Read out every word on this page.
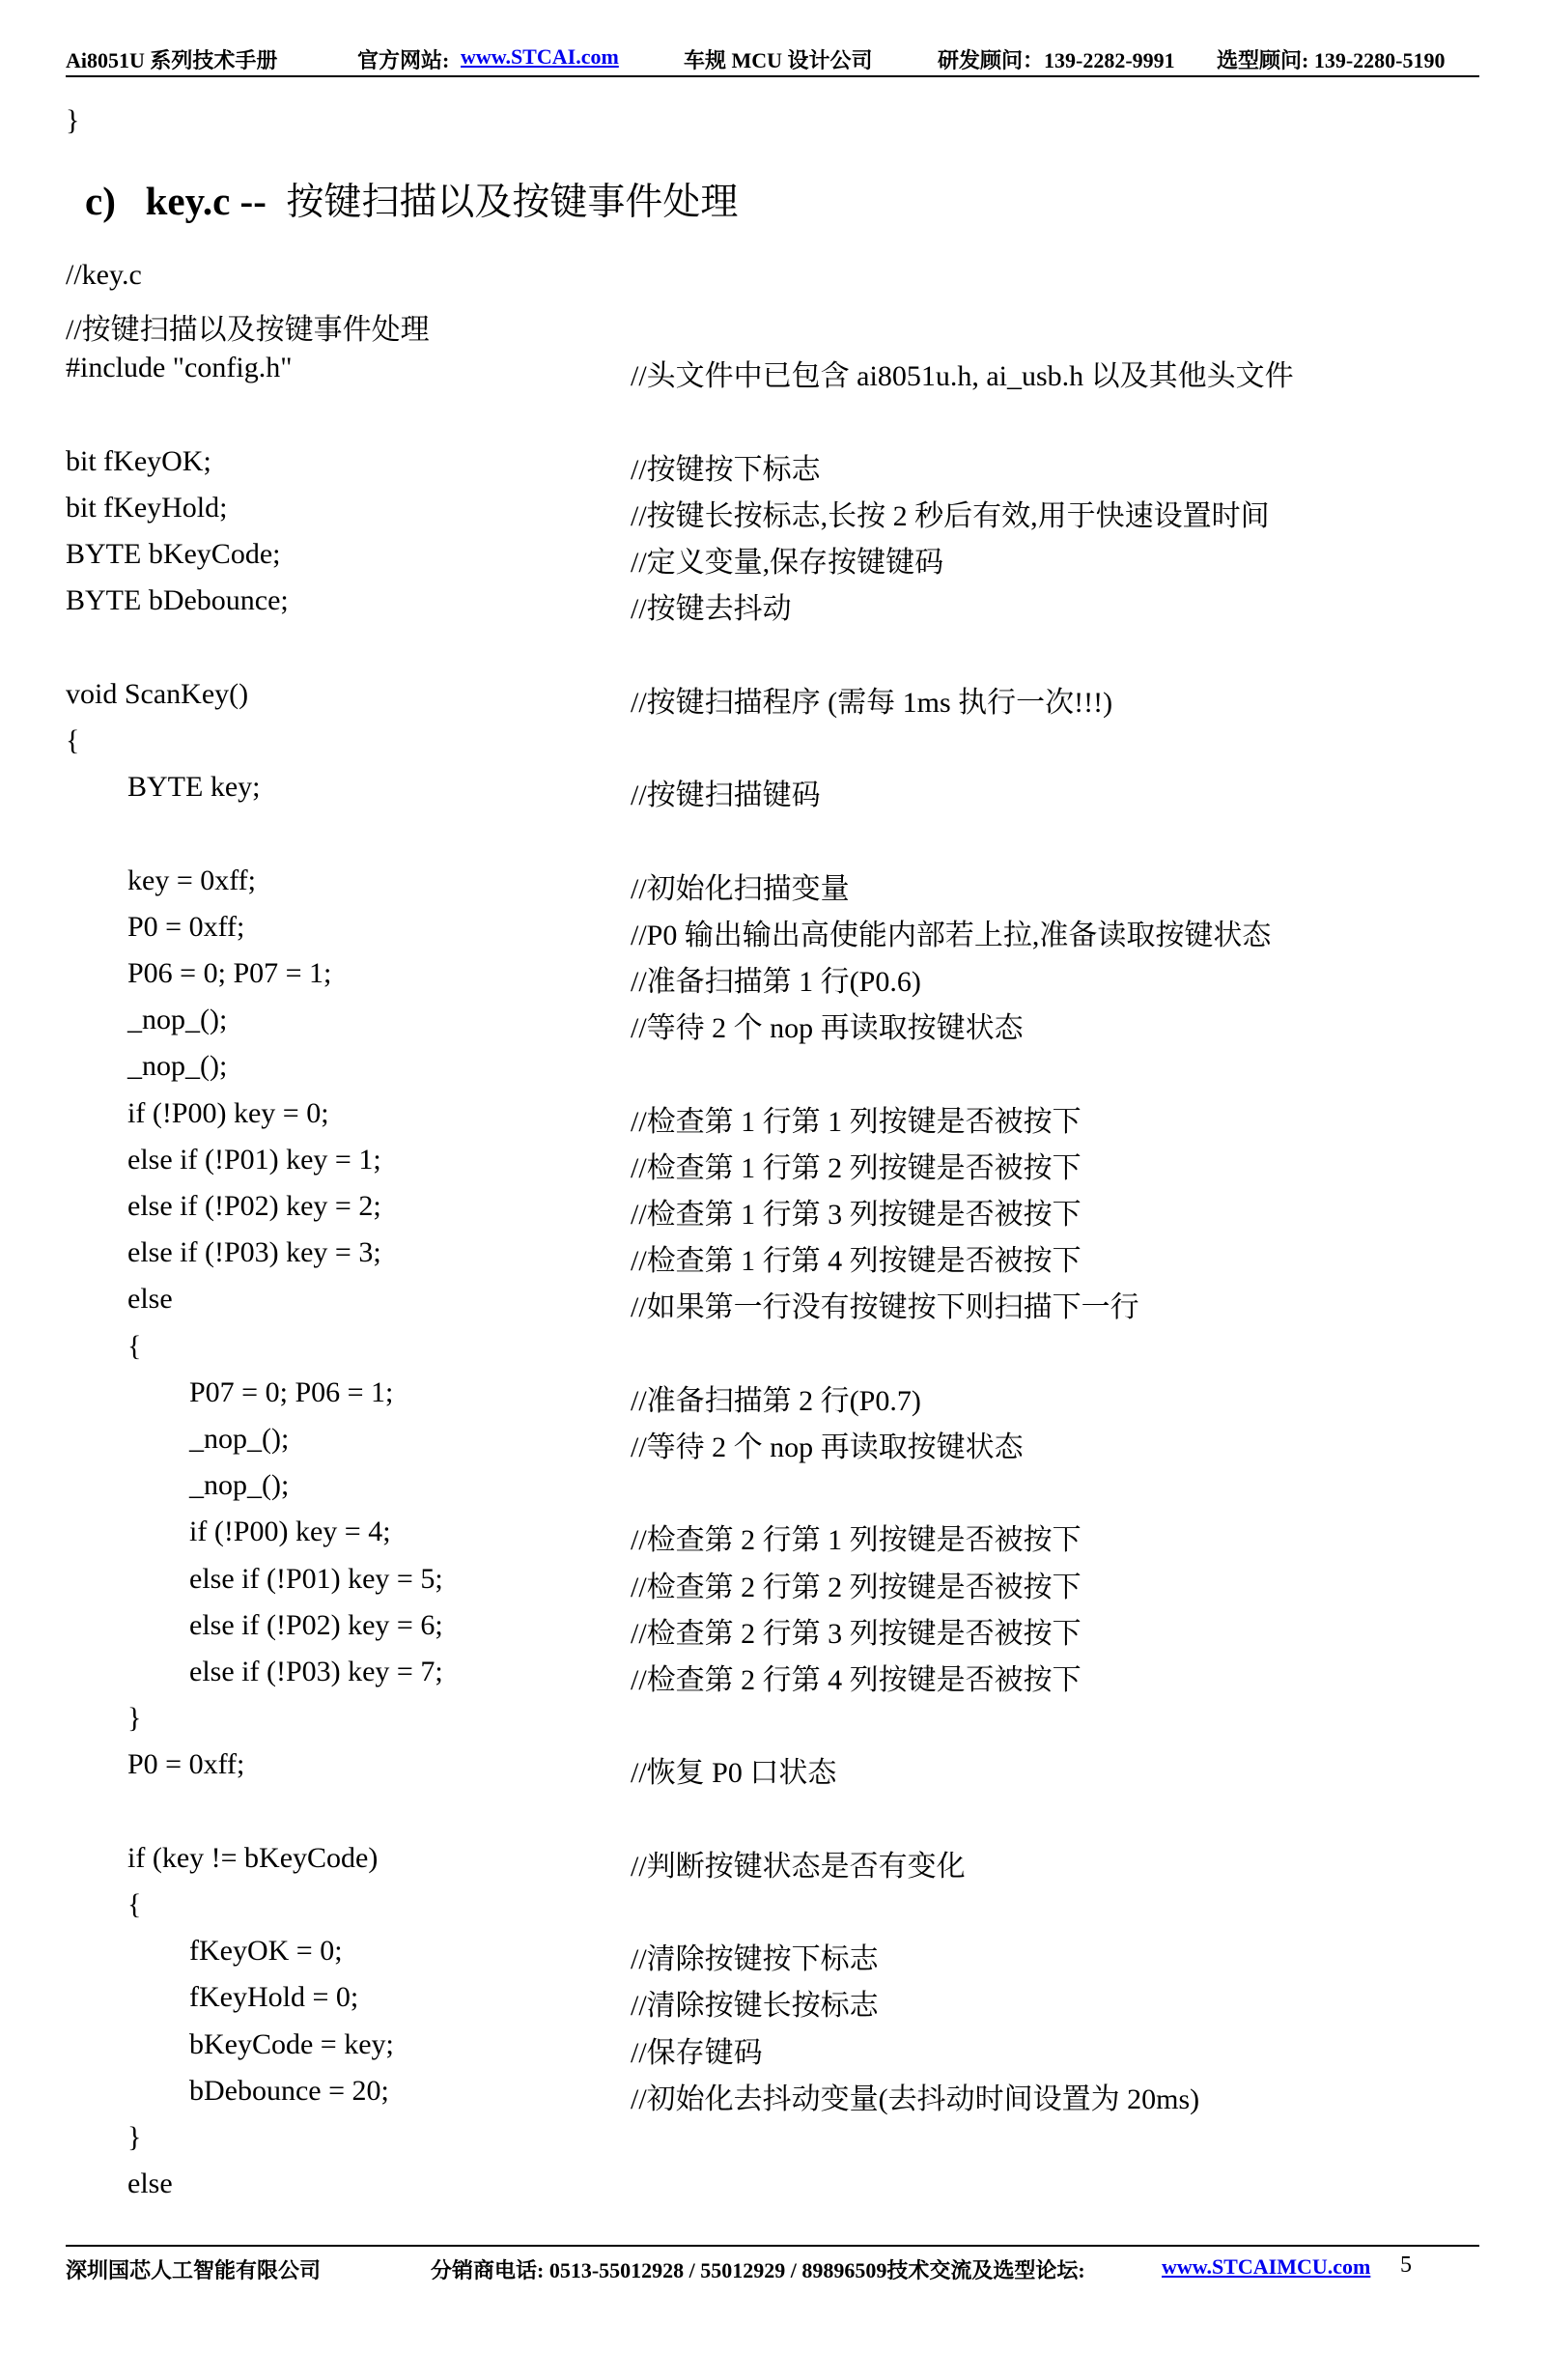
Ai8051U 系列技术手册	官方网站: www.STCAI.com	车规 MCU 设计公司	研发顾问：139-2282-9991 选型顾问: 139-2280-5190
}
c) key.c -- 按键扫描以及按键事件处理
//key.c
//按键扫描以及按键事件处理
#include "config.h"	//头文件中已包含 ai8051u.h, ai_usb.h 以及其他头文件
bit fKeyOK;	//按键按下标志
bit fKeyHold;	//按键长按标志,长按 2 秒后有效,用于快速设置时间
BYTE bKeyCode;	//定义变量,保存按键键码
BYTE bDebounce;	//按键去抖动
void ScanKey()	//按键扫描程序 (需每 1ms 执行一次!!!)
{
BYTE key;	//按键扫描键码
key = 0xff;	//初始化扫描变量
P0 = 0xff;	//P0 输出输出高使能内部若上拉,准备读取按键状态
P06 = 0; P07 = 1;	//准备扫描第 1 行(P0.6)
_nop_();	//等待 2 个 nop 再读取按键状态
_nop_();
if (!P00) key = 0;	//检查第 1 行第 1 列按键是否被按下
else if (!P01) key = 1;	//检查第 1 行第 2 列按键是否被按下
else if (!P02) key = 2;	//检查第 1 行第 3 列按键是否被按下
else if (!P03) key = 3;	//检查第 1 行第 4 列按键是否被按下
else	//如果第一行没有按键按下则扫描下一行
{
P07 = 0; P06 = 1;	//准备扫描第 2 行(P0.7)
_nop_();	//等待 2 个 nop 再读取按键状态
_nop_();
if (!P00) key = 4;	//检查第 2 行第 1 列按键是否被按下
else if (!P01) key = 5;	//检查第 2 行第 2 列按键是否被按下
else if (!P02) key = 6;	//检查第 2 行第 3 列按键是否被按下
else if (!P03) key = 7;	//检查第 2 行第 4 列按键是否被按下
}
P0 = 0xff;	//恢复 P0 口状态
if (key != bKeyCode)	//判断按键状态是否有变化
{
fKeyOK = 0;	//清除按键按下标志
fKeyHold = 0;	//清除按键长按标志
bKeyCode = key;	//保存键码
bDebounce = 20;	//初始化去抖动变量(去抖动时间设置为 20ms)
}
else
深圳国芯人工智能有限公司	分销商电话: 0513-55012928 / 55012929 / 89896509技术交流及选型论坛:	www.STCAIMCU.com 5
